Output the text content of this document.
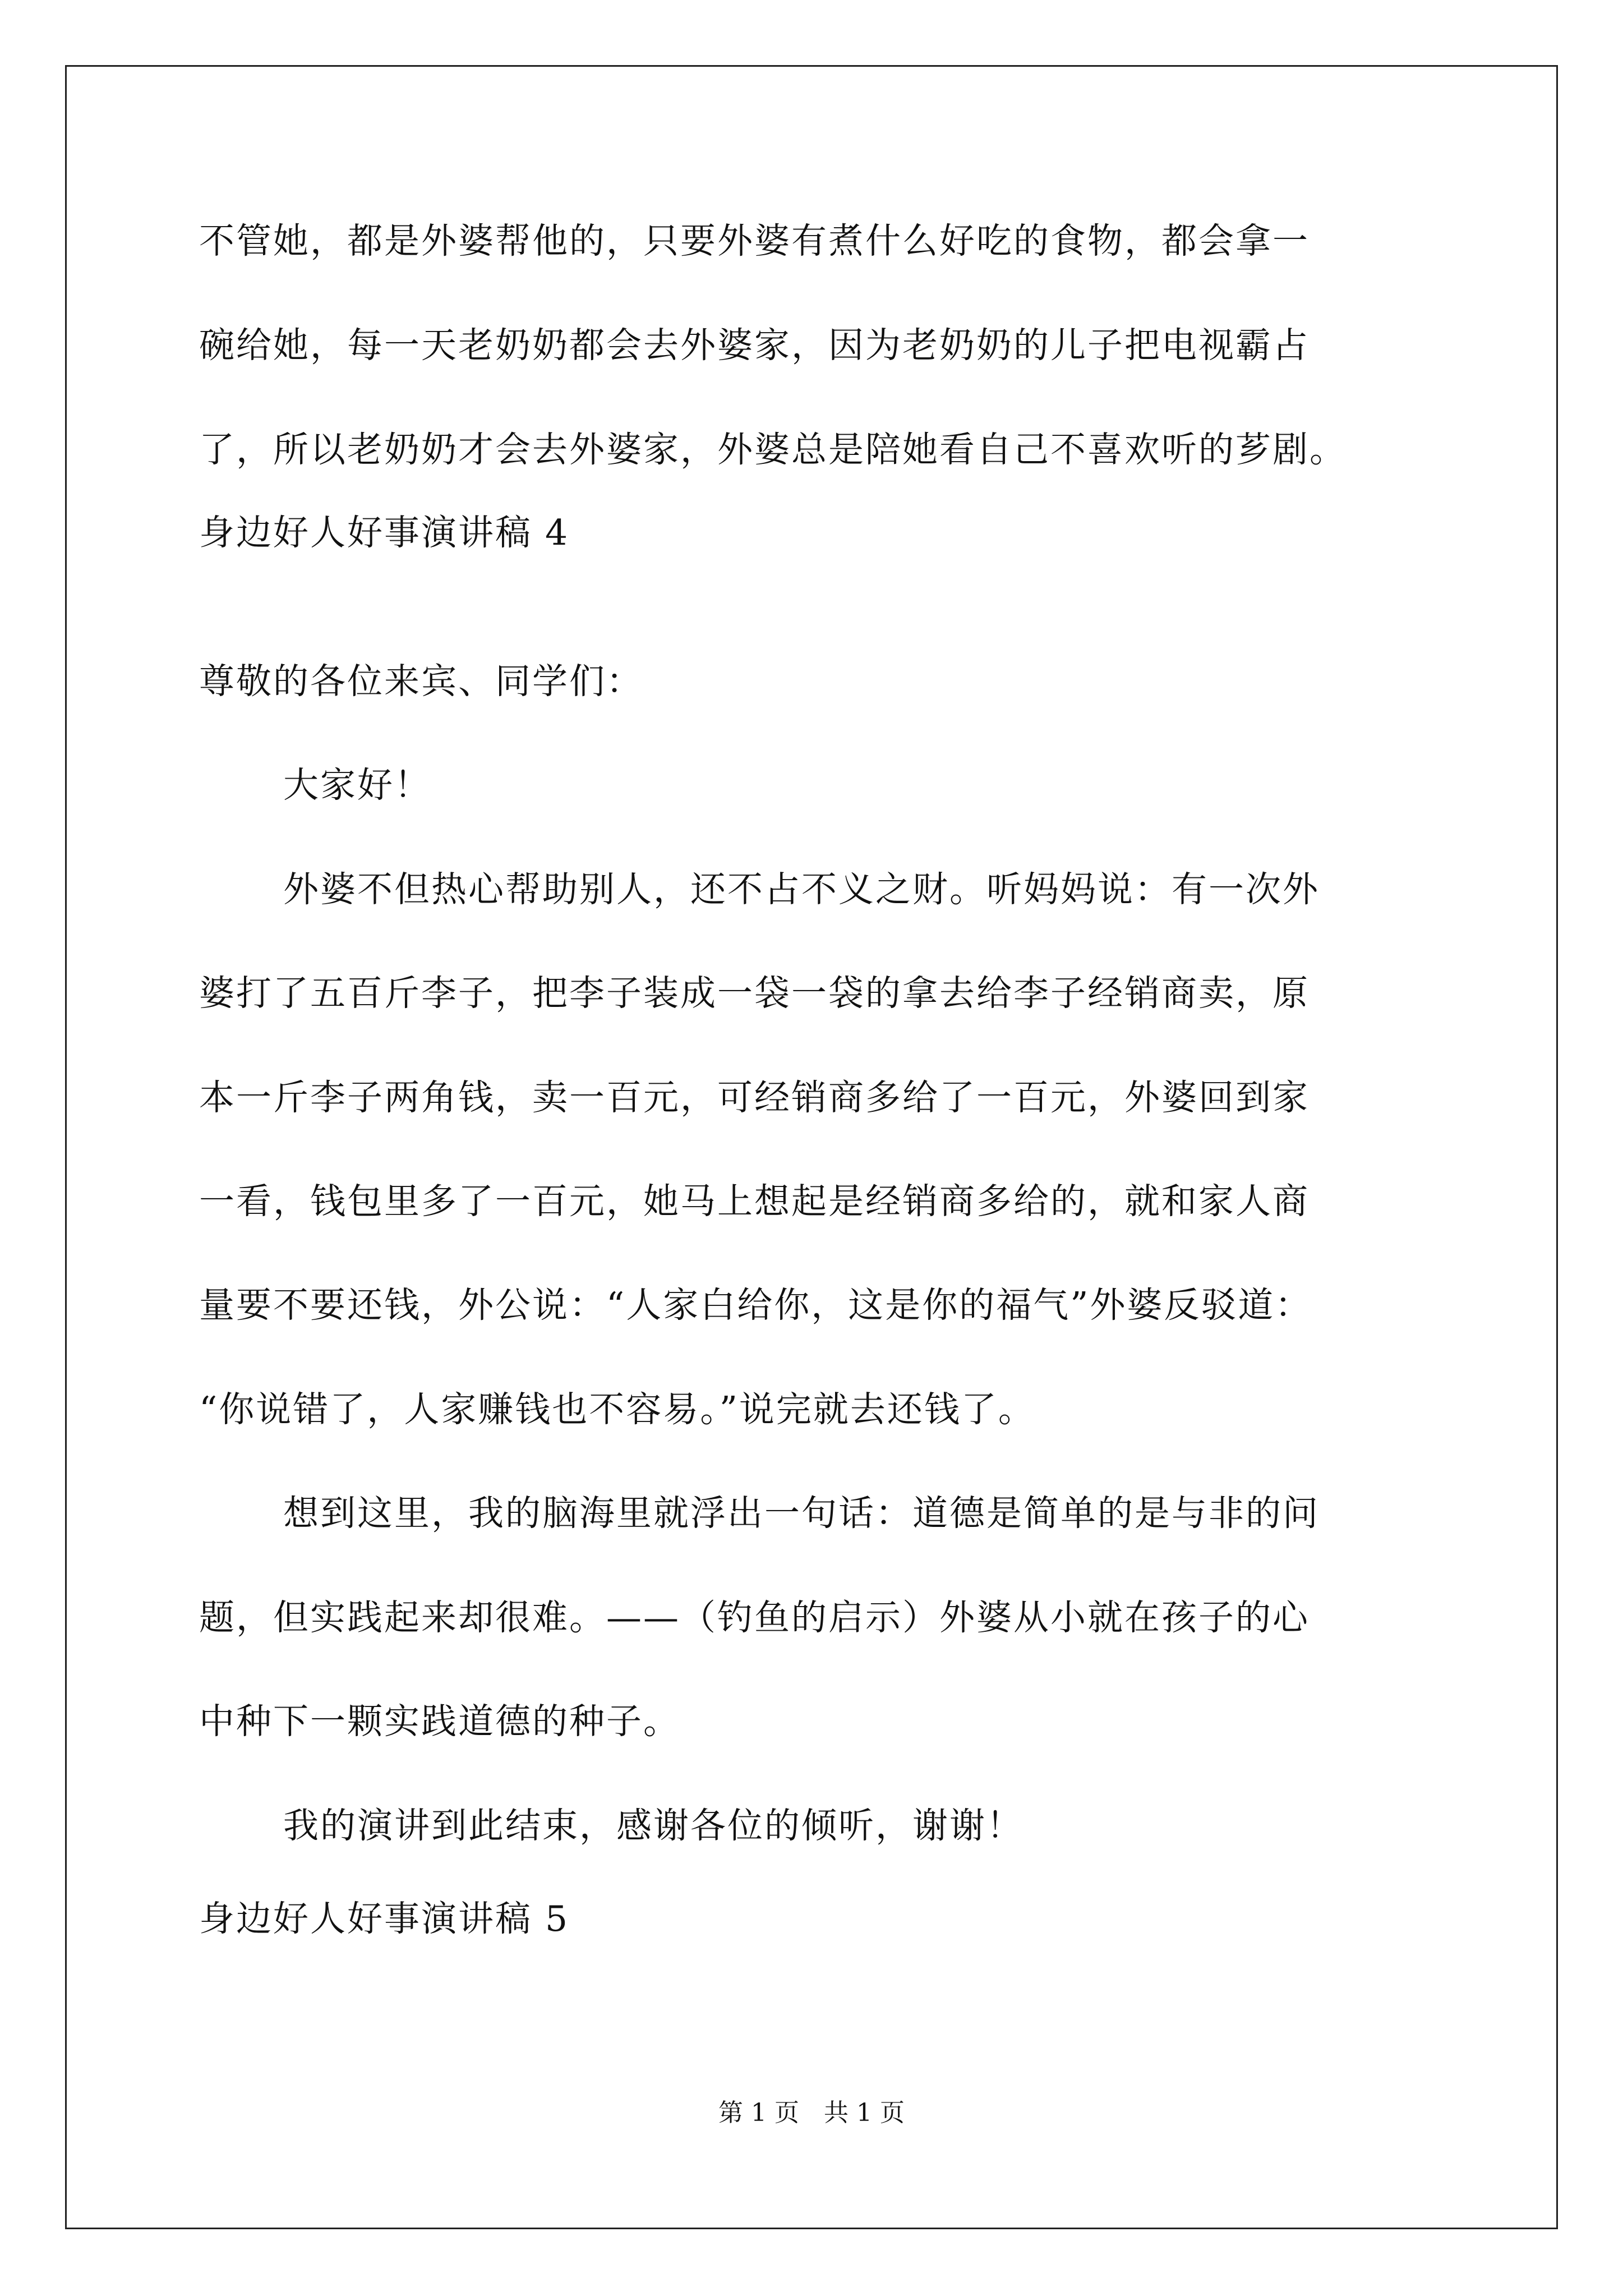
不管她，都是外婆帮他的，只要外婆有煮什么好吃的食物，都会拿一
碗给她，每一天老奶奶都会去外婆家，因为老奶奶的儿子把电视霸占
了，所以老奶奶才会去外婆家，外婆总是陪她看自己不喜欢听的芗剧。
身边好人好事演讲稿 4
尊敬的各位来宾、同学们：
大家好！
外婆不但热心帮助别人，还不占不义之财。听妈妈说：有一次外
婆打了五百斤李子，把李子装成一袋一袋的拿去给李子经销商卖，原
本一斤李子两角钱，卖一百元，可经销商多给了一百元，外婆回到家
一看，钱包里多了一百元，她马上想起是经销商多给的，就和家人商
量要不要还钱，外公说：“人家白给你，这是你的福气”外婆反驳道：
“你说错了，人家赚钱也不容易。”说完就去还钱了。
想到这里，我的脑海里就浮出一句话：道德是简单的是与非的问
题，但实践起来却很难。——（钓鱼的启示）外婆从小就在孩子的心
中种下一颗实践道德的种子。
我的演讲到此结束，感谢各位的倾听，谢谢！
身边好人好事演讲稿 5
第 1 页　共 1 页
